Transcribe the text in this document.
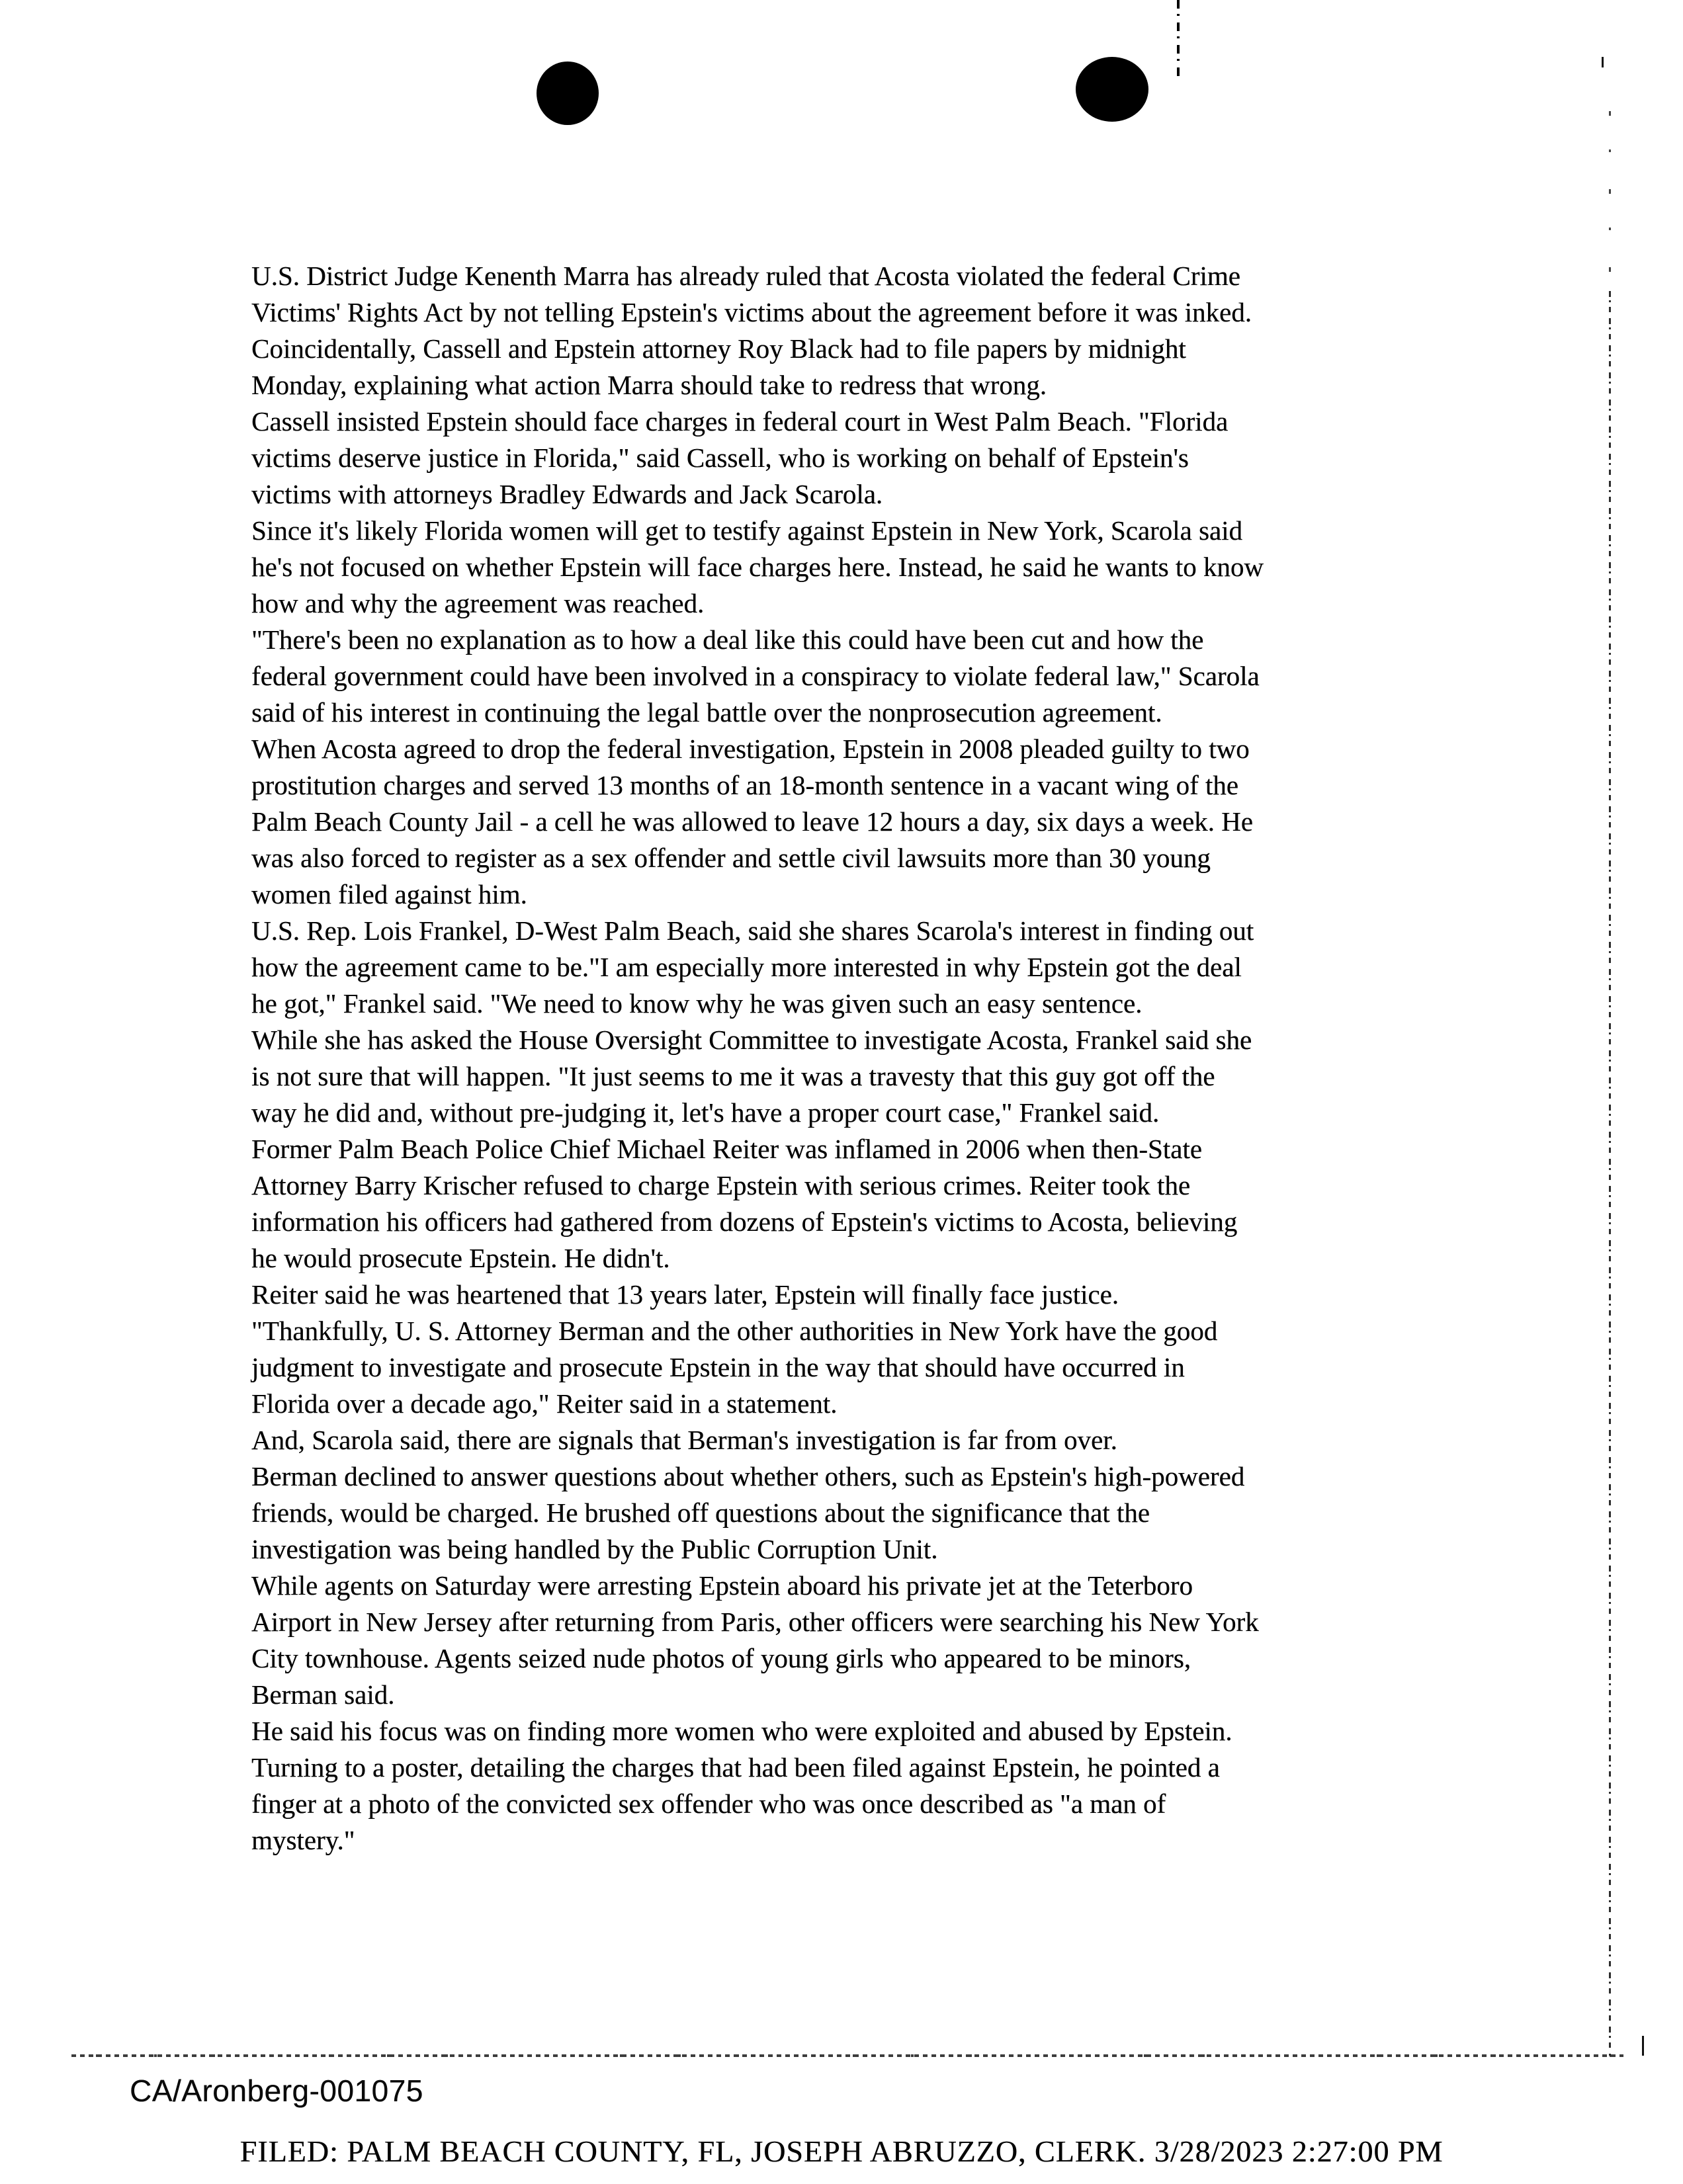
U.S. District Judge Kenenth Marra has already ruled that Acosta violated the federal Crime
Victims' Rights Act by not telling Epstein's victims about the agreement before it was inked.
Coincidentally, Cassell and Epstein attorney Roy Black had to file papers by midnight
Monday, explaining what action Marra should take to redress that wrong.
Cassell insisted Epstein should face charges in federal court in West Palm Beach. "Florida
victims deserve justice in Florida," said Cassell, who is working on behalf of Epstein's
victims with attorneys Bradley Edwards and Jack Scarola.
Since it's likely Florida women will get to testify against Epstein in New York, Scarola said
he's not focused on whether Epstein will face charges here. Instead, he said he wants to know
how and why the agreement was reached.
"There's been no explanation as to how a deal like this could have been cut and how the
federal government could have been involved in a conspiracy to violate federal law," Scarola
said of his interest in continuing the legal battle over the nonprosecution agreement.
When Acosta agreed to drop the federal investigation, Epstein in 2008 pleaded guilty to two
prostitution charges and served 13 months of an 18-month sentence in a vacant wing of the
Palm Beach County Jail - a cell he was allowed to leave 12 hours a day, six days a week. He
was also forced to register as a sex offender and settle civil lawsuits more than 30 young
women filed against him.
U.S. Rep. Lois Frankel, D-West Palm Beach, said she shares Scarola's interest in finding out
how the agreement came to be."I am especially more interested in why Epstein got the deal
he got," Frankel said. "We need to know why he was given such an easy sentence.
While she has asked the House Oversight Committee to investigate Acosta, Frankel said she
is not sure that will happen. "It just seems to me it was a travesty that this guy got off the
way he did and, without pre-judging it, let's have a proper court case," Frankel said.
Former Palm Beach Police Chief Michael Reiter was inflamed in 2006 when then-State
Attorney Barry Krischer refused to charge Epstein with serious crimes. Reiter took the
information his officers had gathered from dozens of Epstein's victims to Acosta, believing
he would prosecute Epstein. He didn't.
Reiter said he was heartened that 13 years later, Epstein will finally face justice.
"Thankfully, U. S. Attorney Berman and the other authorities in New York have the good
judgment to investigate and prosecute Epstein in the way that should have occurred in
Florida over a decade ago," Reiter said in a statement.
And, Scarola said, there are signals that Berman's investigation is far from over.
Berman declined to answer questions about whether others, such as Epstein's high-powered
friends, would be charged. He brushed off questions about the significance that the
investigation was being handled by the Public Corruption Unit.
While agents on Saturday were arresting Epstein aboard his private jet at the Teterboro
Airport in New Jersey after returning from Paris, other officers were searching his New York
City townhouse. Agents seized nude photos of young girls who appeared to be minors,
Berman said.
He said his focus was on finding more women who were exploited and abused by Epstein.
Turning to a poster, detailing the charges that had been filed against Epstein, he pointed a
finger at a photo of the convicted sex offender who was once described as "a man of
mystery."
CA/Aronberg-001075
FILED: PALM BEACH COUNTY, FL, JOSEPH ABRUZZO, CLERK. 3/28/2023 2:27:00 PM
